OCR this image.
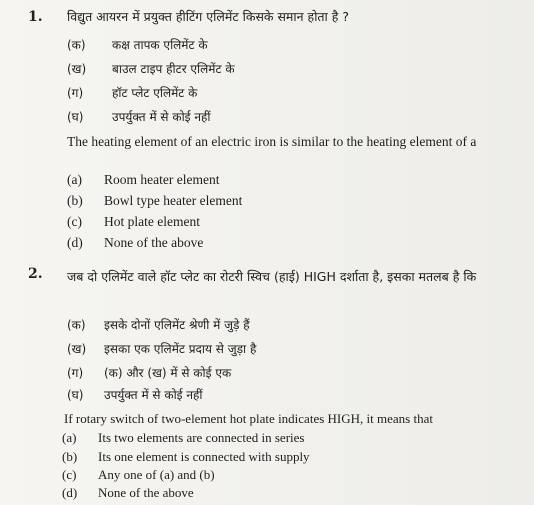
1. विद्युत आयरन में प्रयुक्त हीटिंग एलिमेंट किसके समान होता है ?
(क) कक्ष तापक एलिमेंट के
(ख) बाउल टाइप हीटर एलिमेंट के
(ग) हॉट प्लेट एलिमेंट के
(घ) उपर्युक्त में से कोई नहीं
The heating element of an electric iron is similar to the heating element of a
(a) Room heater element
(b) Bowl type heater element
(c) Hot plate element
(d) None of the above
2. जब दो एलिमेंट वाले हॉट प्लेट का रोटरी स्विच (हाई) HIGH दर्शाता है, इसका मतलब है कि
(क) इसके दोनों एलिमेंट श्रेणी में जुड़े हैं
(ख) इसका एक एलिमेंट प्रदाय से जुड़ा है
(ग) (क) और (ख) में से कोई एक
(घ) उपर्युक्त में से कोई नहीं
If rotary switch of two-element hot plate indicates HIGH, it means that
(a) Its two elements are connected in series
(b) Its one element is connected with supply
(c) Any one of (a) and (b)
(d) None of the above
